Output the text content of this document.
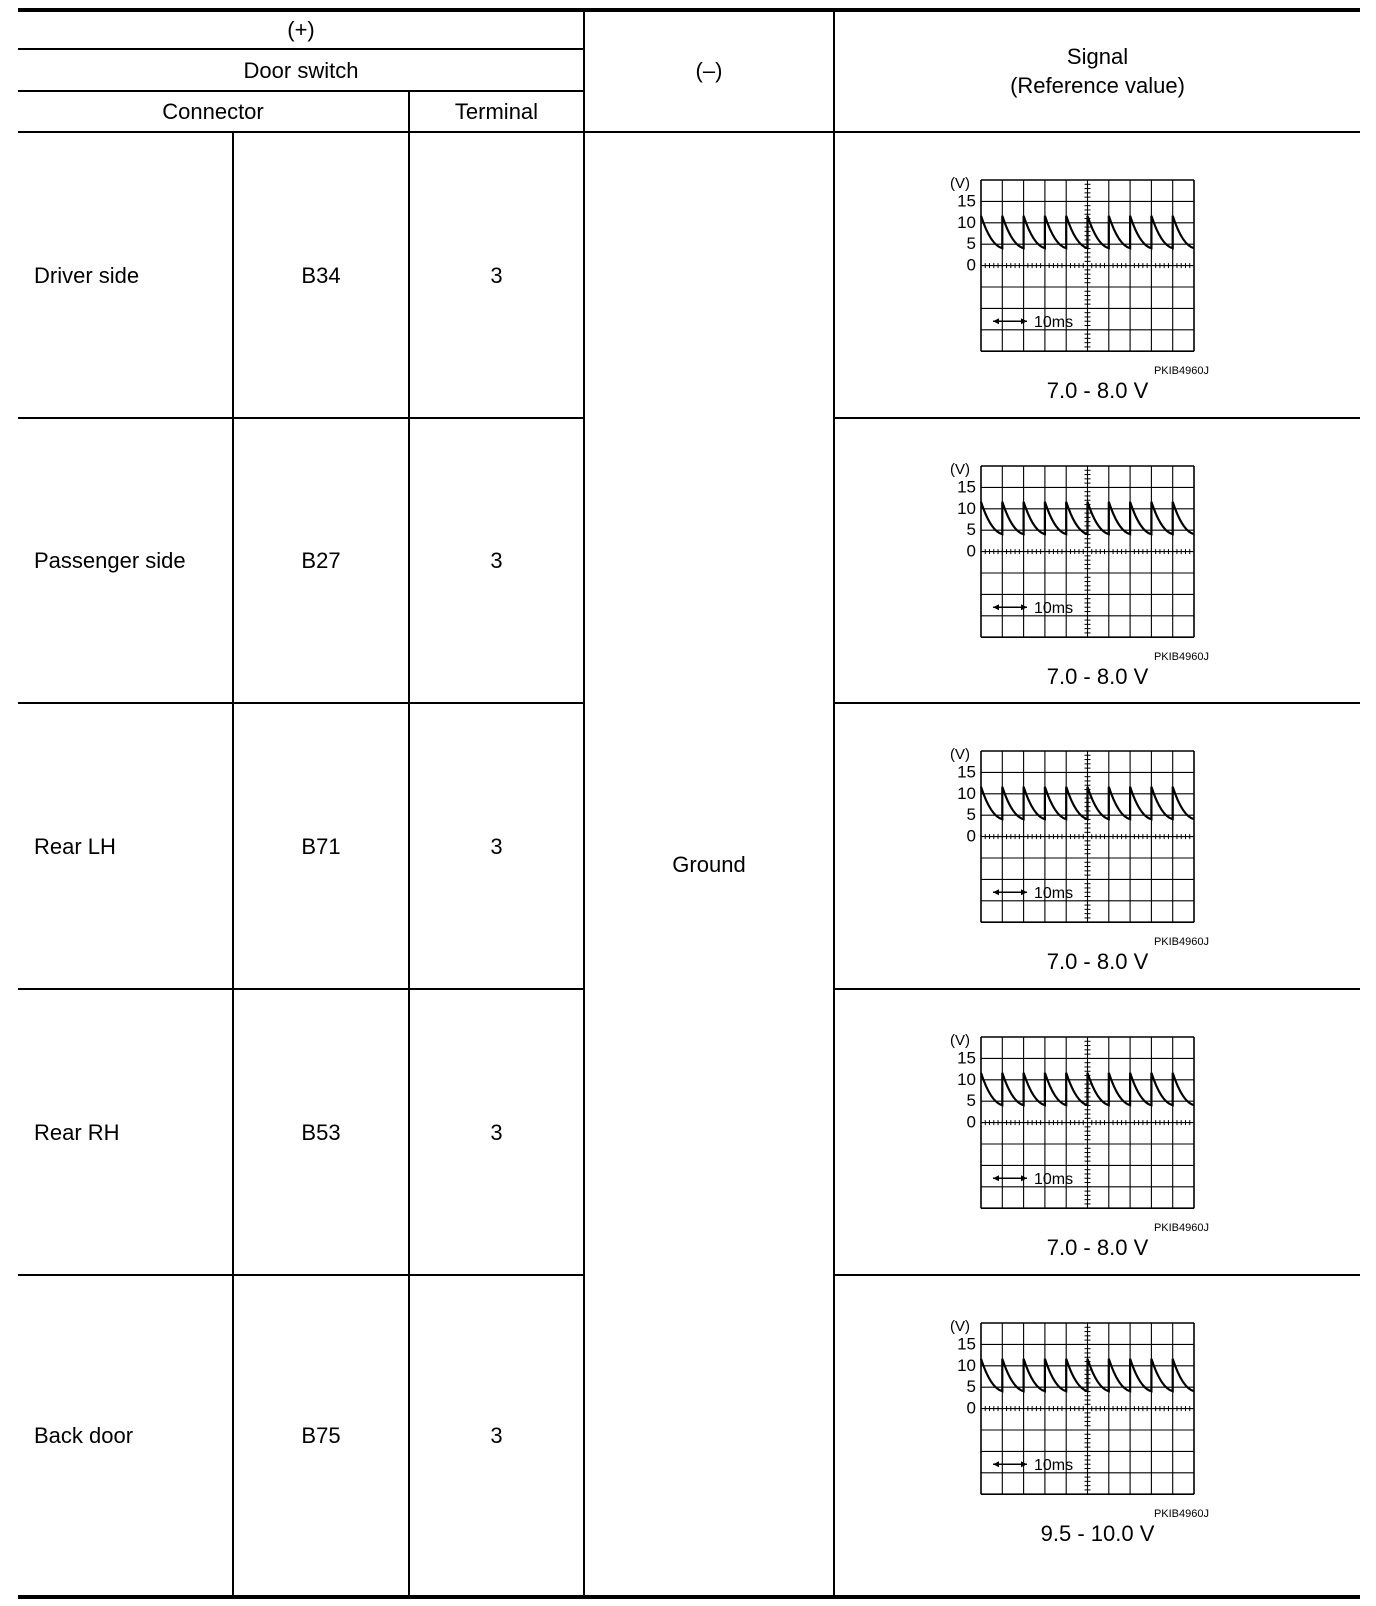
(+)
Door switch
Connector	Terminal
(–)
Signal
(Reference value)
Ground
Driver side	B34	3
(V)
15
10
5
0
10ms
PKIB4960J
7.0 - 8.0 V
Passenger side	B27	3
(V)
15
10
5
0
10ms
PKIB4960J
7.0 - 8.0 V
Rear LH	B71	3
(V)
15
10
5
0
10ms
PKIB4960J
7.0 - 8.0 V
Rear RH	B53	3
(V)
15
10
5
0
10ms
PKIB4960J
7.0 - 8.0 V
Back door	B75	3
(V)
15
10
5
0
10ms
PKIB4960J
9.5 - 10.0 V
